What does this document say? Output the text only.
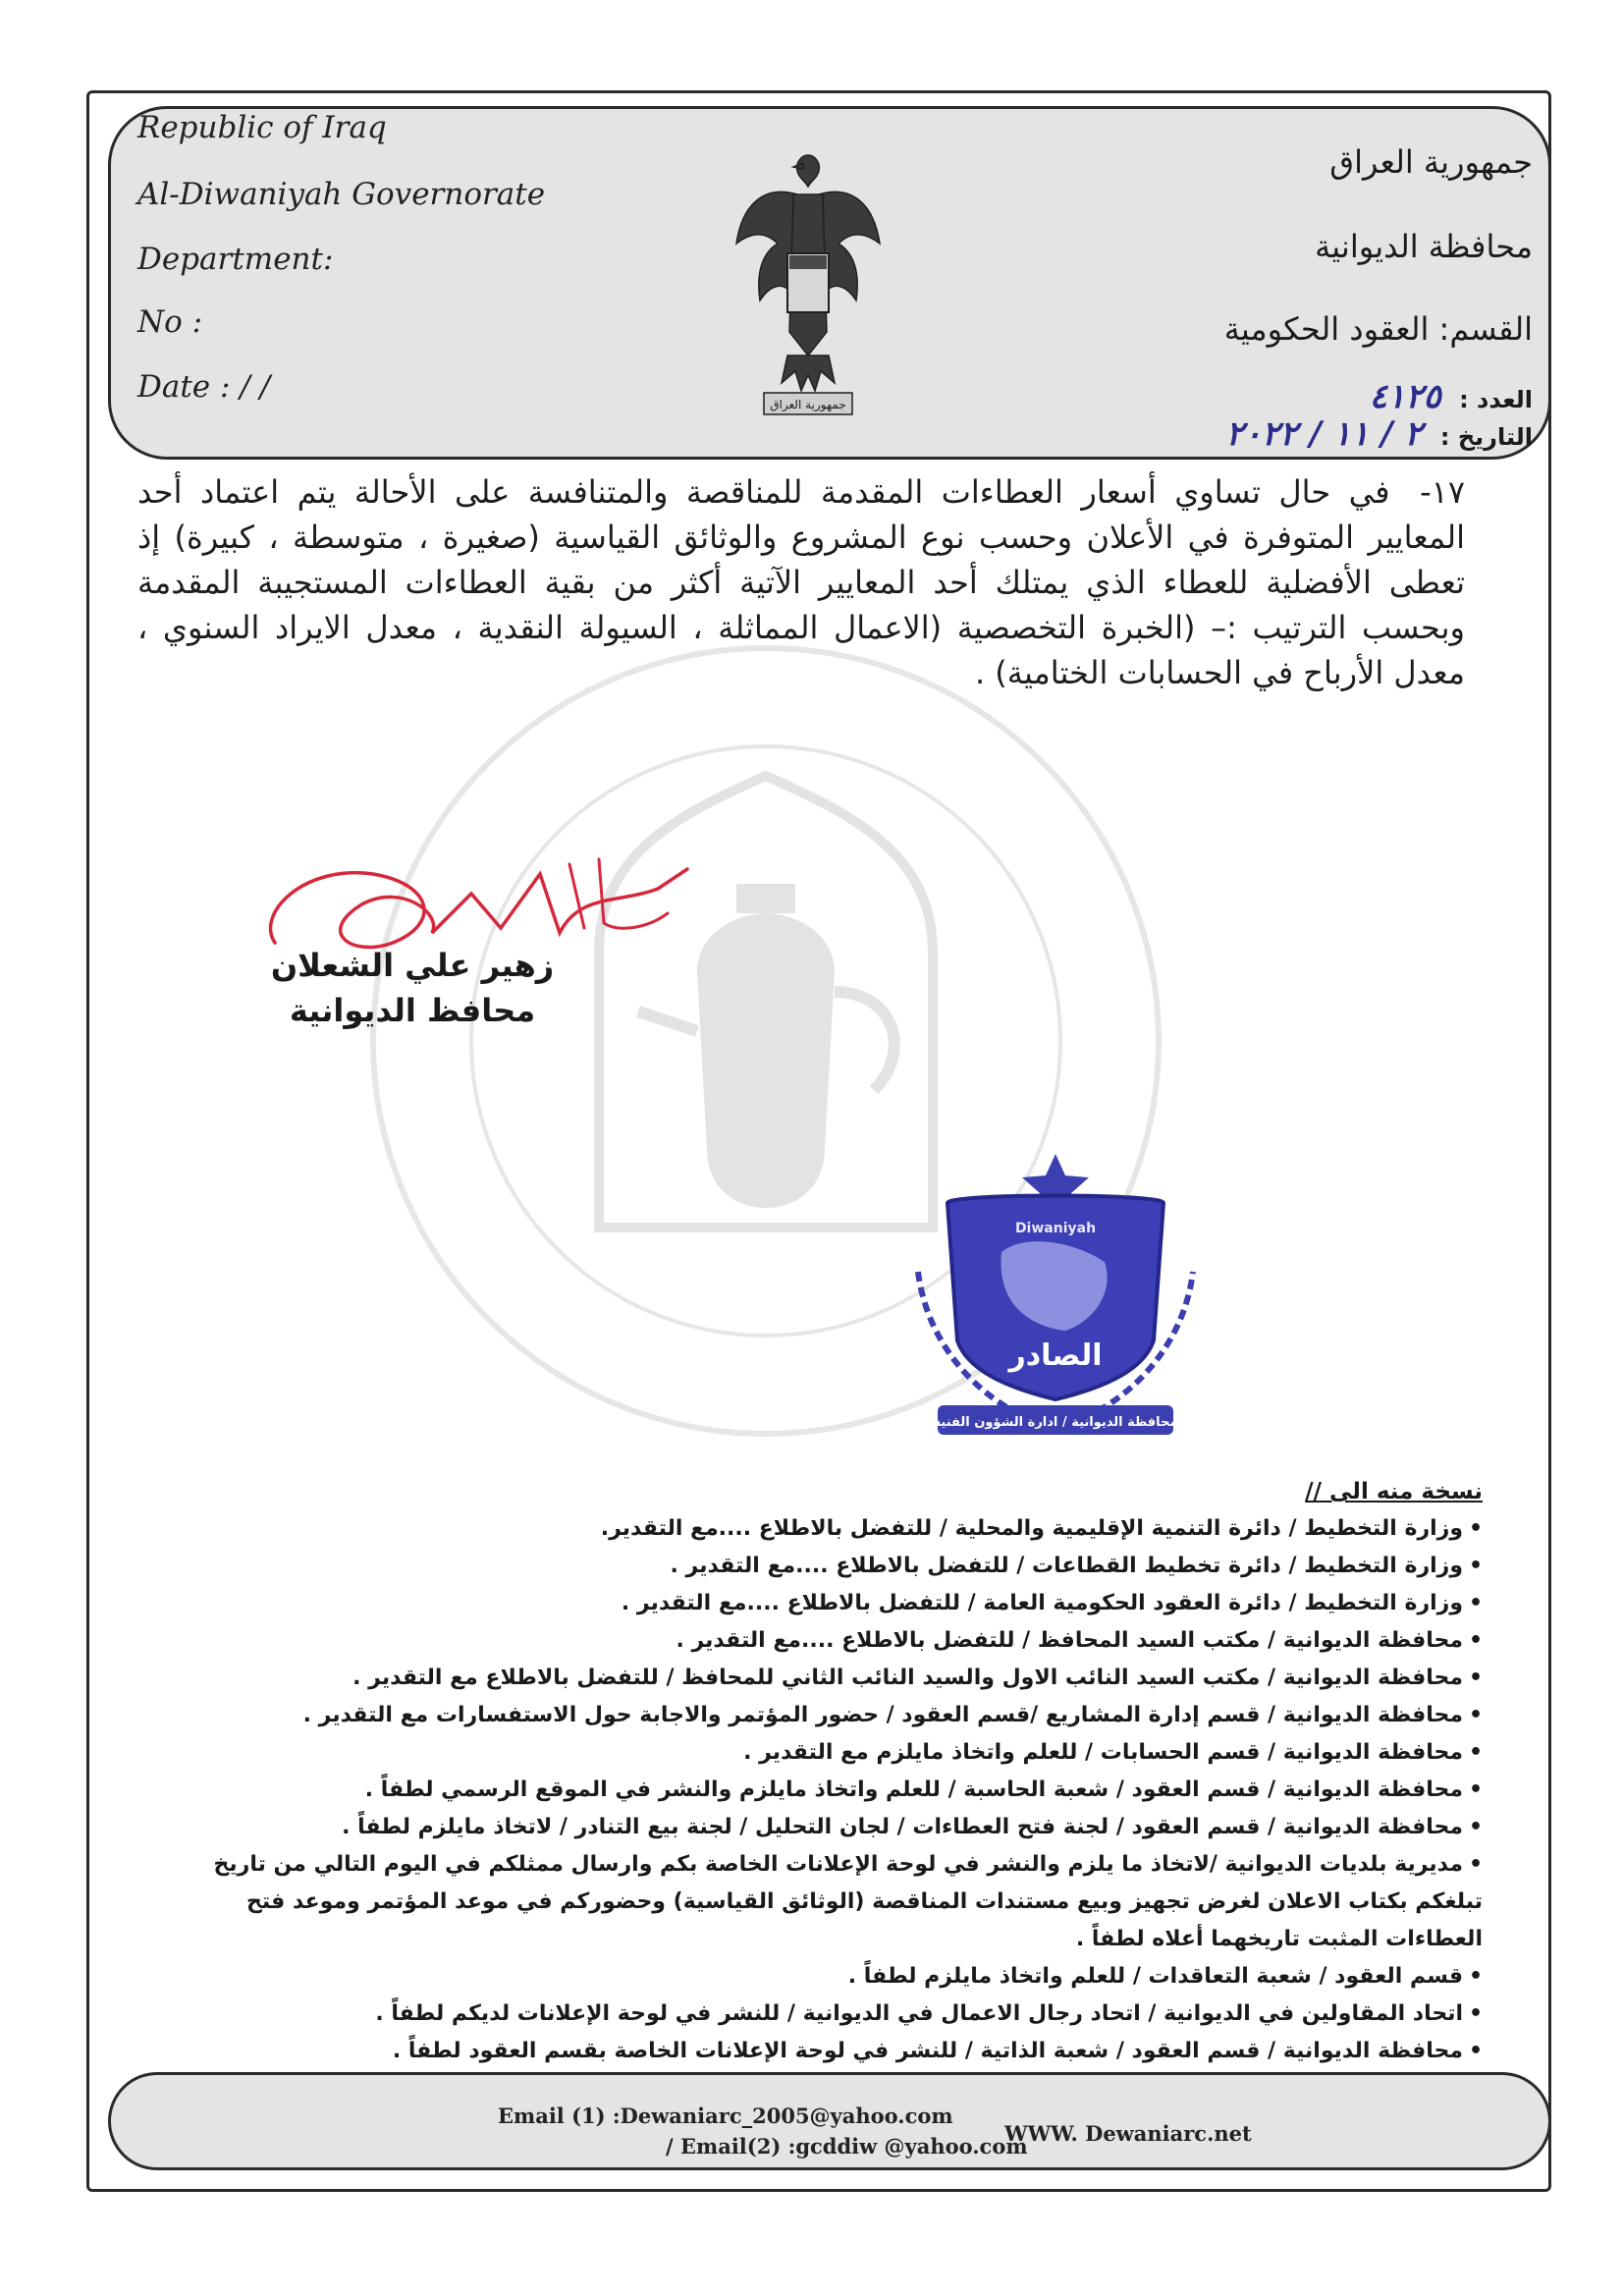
Republic of Iraq
Al-Diwaniyah Governorate
Department:
No :
Date : / /
جمهورية العراق
محافظة الديوانية
القسم: العقود الحكومية
العدد : ٤١٢٥
التاريخ : ٢ / ١١ / ٢٠٢٢
جمهورية العراق
١٧- في حال تساوي أسعار العطاءات المقدمة للمناقصة والمتنافسة على الأحالة يتم اعتماد أحد المعايير المتوفرة في الأعلان وحسب نوع المشروع والوثائق القياسية (صغيرة ، متوسطة ، كبيرة) إذ تعطى الأفضلية للعطاء الذي يمتلك أحد المعايير الآتية أكثر من بقية العطاءات المستجيبة المقدمة وبحسب الترتيب :– (الخبرة التخصصية (الاعمال المماثلة ، السيولة النقدية ، معدل الايراد السنوي ، معدل الأرباح في الحسابات الختامية) .
زهير علي الشعلان
محافظ الديوانية
Diwaniyah
الصادر
محافظة الديوانية / ادارة الشؤون الفنية
نسخة منه الى //
• وزارة التخطيط / دائرة التنمية الإقليمية والمحلية / للتفضل بالاطلاع ....مع التقدير.
• وزارة التخطيط / دائرة تخطيط القطاعات / للتفضل بالاطلاع ....مع التقدير .
• وزارة التخطيط / دائرة العقود الحكومية العامة / للتفضل بالاطلاع ....مع التقدير .
• محافظة الديوانية / مكتب السيد المحافظ / للتفضل بالاطلاع ....مع التقدير .
• محافظة الديوانية / مكتب السيد النائب الاول والسيد النائب الثاني للمحافظ / للتفضل بالاطلاع مع التقدير .
• محافظة الديوانية / قسم إدارة المشاريع /قسم العقود / حضور المؤتمر والاجابة حول الاستفسارات مع التقدير .
• محافظة الديوانية / قسم الحسابات / للعلم واتخاذ مايلزم مع التقدير .
• محافظة الديوانية / قسم العقود / شعبة الحاسبة / للعلم واتخاذ مايلزم والنشر في الموقع الرسمي لطفاً .
• محافظة الديوانية / قسم العقود / لجنة فتح العطاءات / لجان التحليل / لجنة بيع التنادر / لاتخاذ مايلزم لطفاً .
• مديرية بلديات الديوانية /لاتخاذ ما يلزم والنشر في لوحة الإعلانات الخاصة بكم وارسال ممثلكم في اليوم التالي من تاريخ
تبلغكم بكتاب الاعلان لغرض تجهيز وبيع مستندات المناقصة (الوثائق القياسية) وحضوركم في موعد المؤتمر وموعد فتح
العطاءات المثبت تاريخهما أعلاه لطفاً .
• قسم العقود / شعبة التعاقدات / للعلم واتخاذ مايلزم لطفاً .
• اتحاد المقاولين في الديوانية / اتحاد رجال الاعمال في الديوانية / للنشر في لوحة الإعلانات لديكم لطفاً .
• محافظة الديوانية / قسم العقود / شعبة الذاتية / للنشر في لوحة الإعلانات الخاصة بقسم العقود لطفاً .
Email (1) :Dewaniarc_2005@yahoo.com
WWW. Dewaniarc.net
/ Email(2) :gcddiw @yahoo.com
